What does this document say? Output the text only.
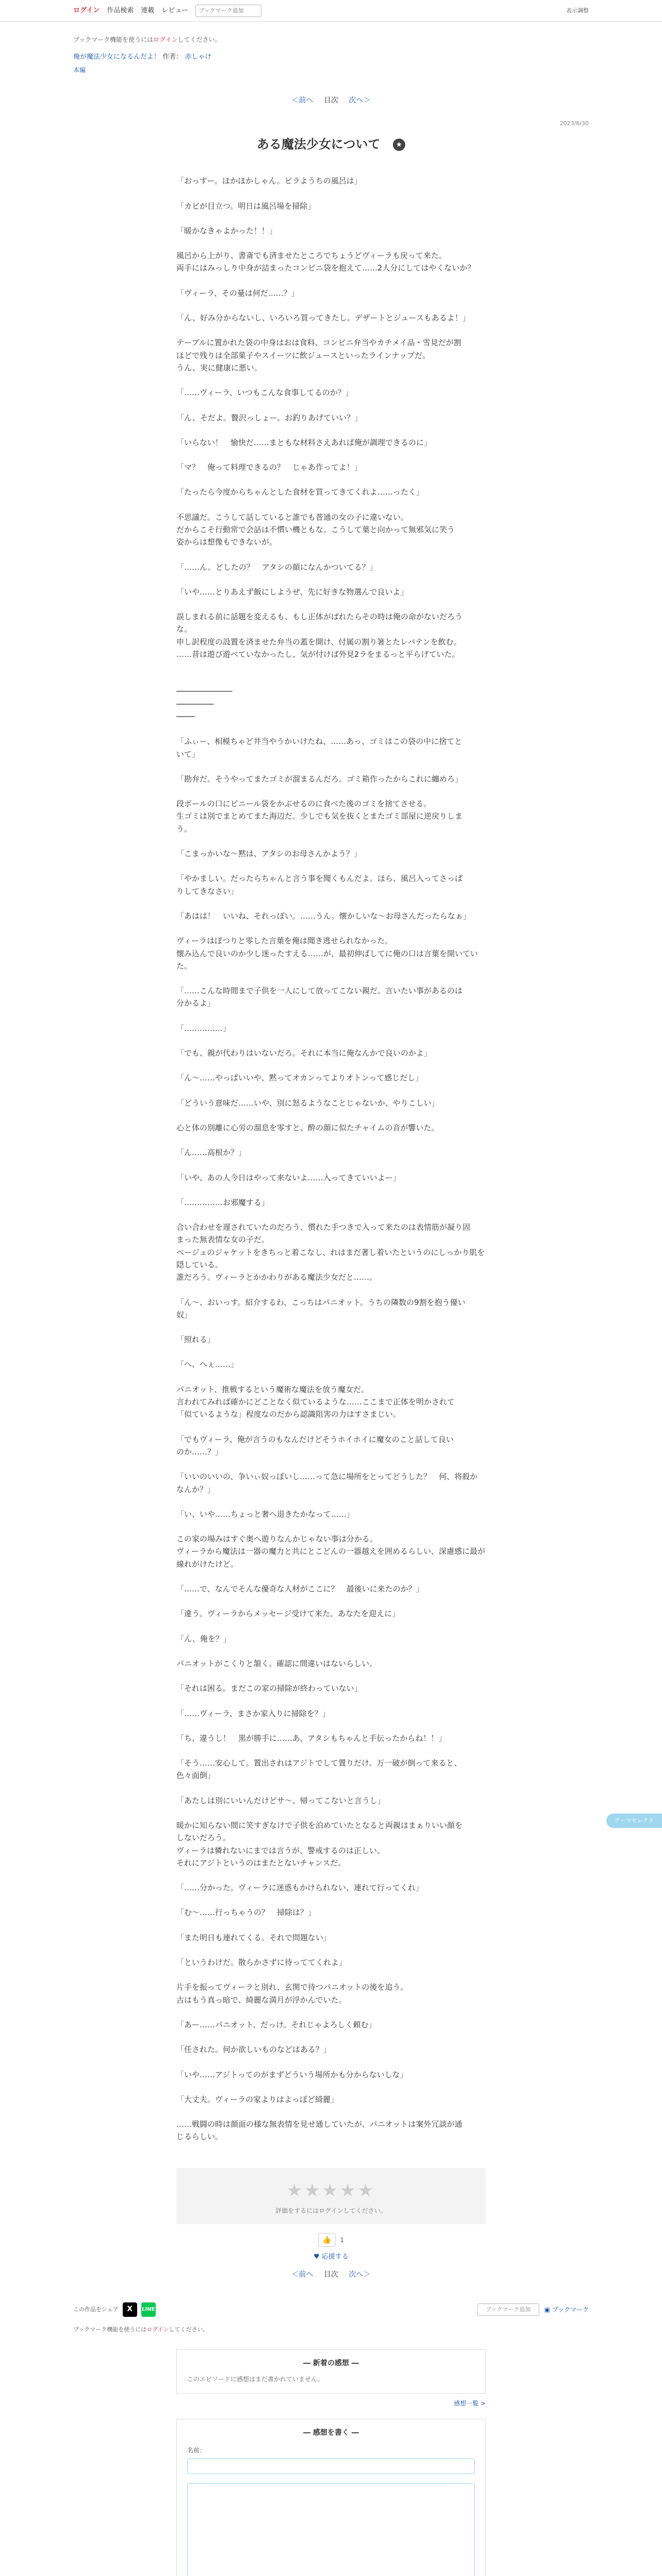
ログイン 作品検索 連載 レビュー
ブックマーク追加	表示調整
ブックマーク機能を使うにはログインしてください。
俺が魔法少女になるんだよ！ 作者： 赤しゃけ
本編
＜前へ 目次 次へ＞
2023/6/30
ある魔法少女について ★

「おっすー。ほかほかしゃん。ビラようちの風呂は」

「カビが目立つ。明日は風呂場を掃除」

「暖かなきゃよかった！！」

風呂から上がり、書斎でも済ませたところでちょうどヴィーラも戻って来た。

両手にはみっしり中身が詰まったコンビニ袋を抱えて……2人分にしてはやくないか？

「ヴィーラ、その量は何だ……？」

「ん、好み分からないし、いろいろ買ってきたし。デザートとジュースもあるよ！」

テーブルに置かれた袋の中身はおは食料、コンビニ弁当やカチメイ品・雪見だが割

ほどで残りは全部菓子やスイーツに飲ジュースといったラインナップだ。

うん、実に健康に悪い。

「……ヴィーラ、いつもこんな食事してるのか？」

「ん、そだよ。贅沢っしょー。お釣りあげていい？」

「いらない！　愉快だ……まともな材料さえあれば俺が調理できるのに」

「マ？　俺って料理できるの？　じゃあ作ってよ！」

「たったら今度からちゃんとした食材を買ってきてくれよ……ったく」

不思議だ。こうして話していると誰でも普通の女の子に違いない。

だからこそ行動常で会話は不慣い機ともな。こうして葉と向かって無邪気に笑う

姿からは想像もできないが。

「……ん。どしたの？　アタシの顔になんかついてる？」

「いや……とりあえず飯にしようぜ、先に好きな物選んで良いよ」

誤しまれる前に話題を変えるも、もし正体がばれたらその時は俺の命がないだろう

な。

申し訳程度の設置を済ませた弁当の蓋を開け、付属の割り箸とたレバテンを飲む。

……昔は遊び遊べていなかったし、気が付けば外見2ラをまるっと平らげていた。

────────────

────────

────

「ふぃー、相模ちゃど井当やうかいけたね、……あっ、ゴミはこの袋の中に捨てと

いて」

「勘弁だ。そうやってまたゴミが溜まるんだろ。ゴミ箱作ったからこれに纏めろ」

段ボールの口にビニール袋をかぶせるのに食べた後のゴミを捨てさせる。

生ゴミは別でまとめてまた海辺だ。少しでも気を抜くとまたゴミ部屋に逆戻りしま

う。

「こまっかいな～黙は、アタシのお母さんかよう？」

「やかましい。だったらちゃんと言う事を聞くもんだよ。ほら、風呂入ってさっぱ

りしてきなさい」

「あはは！　いいね、それっぽい。……うん。懐かしいな～お母さんだったらなぁ」

ヴィーラはぽつりと零した言葉を俺は聞き逃せられなかった。

懐み込んで良いのか少し迷ったすえる……が、最初伸ばしてに俺の口は言葉を開いていた。

「……こんな時間まで子供を一人にして放ってこない親だ。言いたい事があるのは

分かるよ」

「……………」

「でも、親が代わりはいないだろ。それに本当に俺なんかで良いのかよ」

「ん～……やっぱいいや、黙ってオカンってよりオトンって感じだし」

「どういう意味だ……いや、別に怒るようなことじゃないか、やりこしい」

心と体の別離に心労の溜息を零すと、酔の顔に似たチャイムの音が響いた。

「ん……高根か？」

「いや、あの人今日はやって来ないよ……入ってきていいよー」

「……………お邪魔する」

合い合わせを遅されていたのだろう、慣れた手つきで入って来たのは表情筋が凝り固

まった無表情な女の子だ。

ベージュのジャケットをきちっと着こなし、れはまだ著し着いたというのにしっかり肌を

隠している。

誰だろう。ヴィーラとかかわりがある魔法少女だと……。

「ん～、おいっす。紹介するわ、こっちはパニオット。うちの隣数の9割を抱う優い

奴」

「照れる」

「へ、へぇ……」

パニオット、推戦するという魔術な魔法を放う魔女だ。

言われてみれば確かにどことなく似ているような……ここまで正体を明かされて

「似ているような」程度なのだから認識阻害の力はすさまじい。

「でもヴィーラ、俺が言うのもなんだけどそうホイホイに魔女のこと話して良い

のか……？」

「いいのいいの、争いぃ奴っぽいし……って急に場所をとってどうした？　何、将殺か

なんか？」

「い、いや……ちょっと奢へ退きたかなって……」

この家の場みはすぐ奥へ遊りなんかじゃない事は分かる。

ヴィーラから魔法は一器の魔力と共にとこどんの一器越えを囲めるらしい、深慮感に最が

線れがけたけど。

「……で、なんでそんな優奇な人材がここに？　最後いに来たのか？」

「違う。ヴィーラからメッセージ受けて来た。あなたを迎えに」

「ん、俺を？」

パニオットがこくりと頷く。確認に間違いはないらしい。

「それは困る。まだこの家の掃除が終わっていない」

「……ヴィーラ、まさか家入りに掃除を？」

「ち、違うし！　黒が勝手に……あ、アタシもちゃんと手伝ったからね！！」

「そう……安心して。置出されはアジトでして置りだけ。万一破が倒って来ると、

色々面倒」

「あたしは別にいいんだけどサ～、帰ってこないと言うし」

暖かに知らない間に笑すぎなけで子供を泊めていたとなると両親はまぁりいい顔を

しないだろう。

ヴィーラは憐れないにまでは言うが、警戒するのは正しい。

それにアジトというのはまたとないチャンスだ。

「……分かった。ヴィーラに迷惑もかけられない、連れて行ってくれ」

「む～……行っちゃうの？　掃除は？」

「また明日も連れてくる。それで問題ない」

「というわけだ。散らかさずに待っててくれよ」

片手を振ってヴィーラと別れ、玄関で待つパニオットの後を追う。

古はもう真っ暗で、綺麗な満月が浮かんでいた。

「あー……パニオット、だっけ。それじゃよろしく頼む」

「任された。何か欲しいものなどはある？」

「いや……アジトってのがまずどういう場所かも分からないしな」

「大丈夫。ヴィーラの家よりはよっぽど綺麗」

……戦闘の時は顔面の様な無表情を見せ通していたが、パニオットは案外冗談が通

じるらしい。

テーマセレクタ
★★★★★
評価をするにはログインしてください。
👍 1
♥ 応援する
＜前へ 目次 次へ＞
この作品をシェア	X	LINE	ブックマーク追加	▣ ブックマーク
ブックマーク機能を使うにはログインしてください。
― 新着の感想 ―
このエピソードに感想はまだ書かれていません。
感想一覧 >
― 感想を書く ―
名前：
